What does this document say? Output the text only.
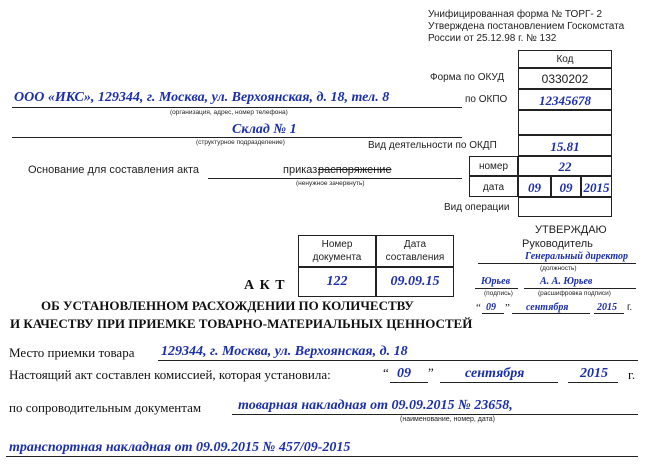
Унифицированная форма № ТОРГ- 2
Утверждена постановлением Госкомстата
России от 25.12.98 г. № 132
Код
Форма по ОКУД	0330202
по ОКПО	12345678
Вид деятельности по ОКДП	15.81
номер	22
дата	09	09 2015
Вид операции
ООО «ИКС», 129344, г. Москва, ул. Верхоянская, д. 18, тел. 8
(организация, адрес, номер телефона)
Склад № 1
(структурное подразделение)
Основание для составления акта	приказ,
распоряжение
(ненужное зачеркнуть)
УТВЕРЖДАЮ
Руководитель
Генеральный директор
(должность)
Юрьев
(подпись)
А. А. Юрьев
(расшифровка подписи)
“ 09 ” сентября	2015 г.
Номер документа
Дата составления
122	09.09.15
А К Т
ОБ УСТАНОВЛЕННОМ РАСХОЖДЕНИИ ПО КОЛИЧЕСТВУ
И КАЧЕСТВУ ПРИ ПРИЕМКЕ ТОВАРНО-МАТЕРИАЛЬНЫХ ЦЕННОСТЕЙ
Место приемки товара 129344, г. Москва, ул. Верхоянская, д. 18
Настоящий акт составлен комиссией, которая установила:	“ 09 ” сентября	2015 г.
по сопроводительным документам	товарная накладная от 09.09.2015 № 23658,
(наименование, номер, дата)
транспортная накладная от 09.09.2015 № 457/09-2015
